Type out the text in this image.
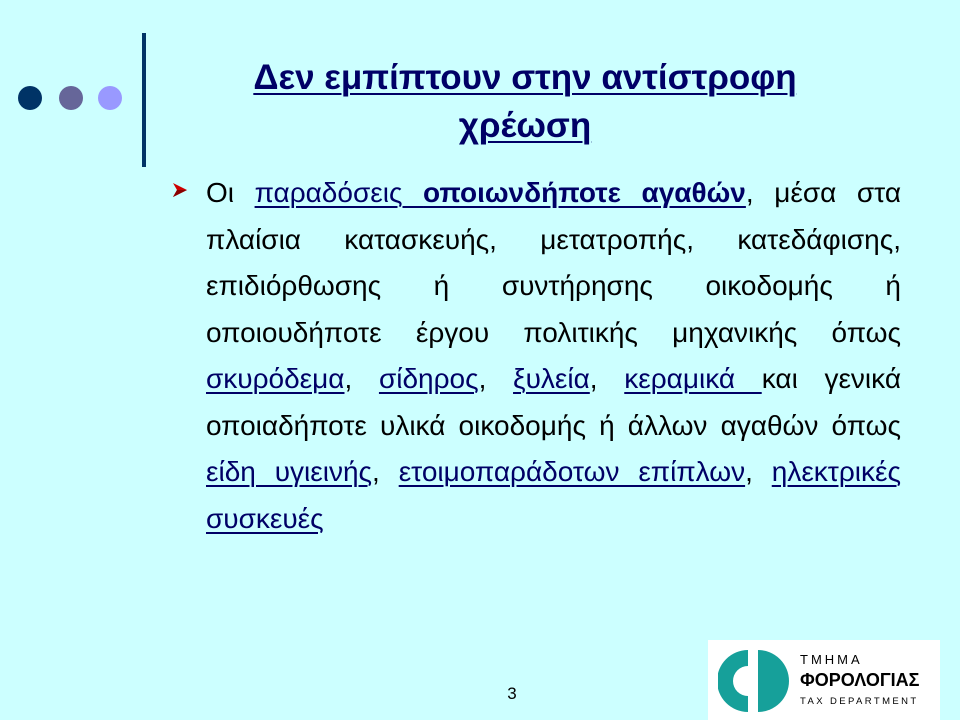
Δεν εμπίπτουν στην αντίστροφη
χρέωση

Οι παραδόσεις οποιωνδήποτε αγαθών, μέσα στα πλαίσια κατασκευής, μετατροπής, κατεδάφισης, επιδιόρθωσης ή συντήρησης οικοδομής ή οποιουδήποτε έργου πολιτικής μηχανικής όπως σκυρόδεμα, σίδηρος, ξυλεία, κεραμικά και γενικά οποιαδήποτε υλικά οικοδομής ή άλλων αγαθών όπως είδη υγιεινής, ετοιμοπαράδοτων επίπλων, ηλεκτρικές συσκευές

3
ΤΜΗΜΑ
ΦΟΡΟΛΟΓΙΑΣ
TAX DEPARTMENT
